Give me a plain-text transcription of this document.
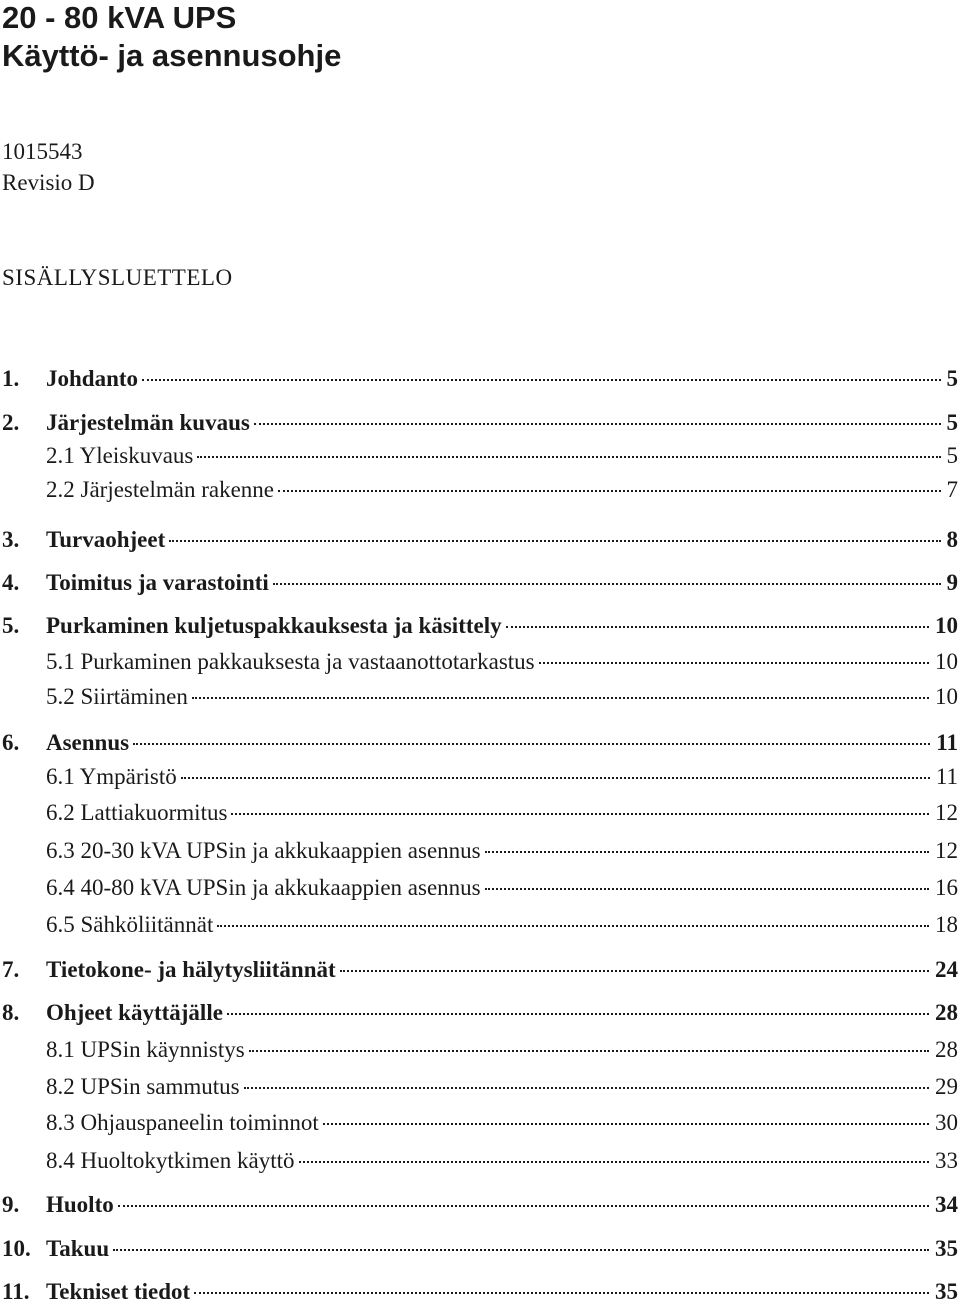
20 - 80 kVA UPS
Käyttö- ja asennusohje
1015543
Revisio D
SISÄLLYSLUETTELO
1.	Johdanto	5
2.	Järjestelmän kuvaus	5
2.1 Yleiskuvaus	5
2.2 Järjestelmän rakenne	7
3.	Turvaohjeet	8
4.	Toimitus ja varastointi	9
5.	Purkaminen kuljetuspakkauksesta ja käsittely	10
5.1 Purkaminen pakkauksesta ja vastaanottotarkastus	10
5.2 Siirtäminen	10
6.	Asennus	11
6.1 Ympäristö	11
6.2 Lattiakuormitus	12
6.3 20-30 kVA UPSin ja akkukaappien asennus	12
6.4 40-80 kVA UPSin ja akkukaappien asennus	16
6.5 Sähköliitännät	18
7.	Tietokone- ja hälytysliitännät	24
8.	Ohjeet käyttäjälle	28
8.1 UPSin käynnistys	28
8.2 UPSin sammutus	29
8.3 Ohjauspaneelin toiminnot	30
8.4 Huoltokytkimen käyttö	33
9.	Huolto	34
10. Takuu	35
11. Tekniset tiedot	35
